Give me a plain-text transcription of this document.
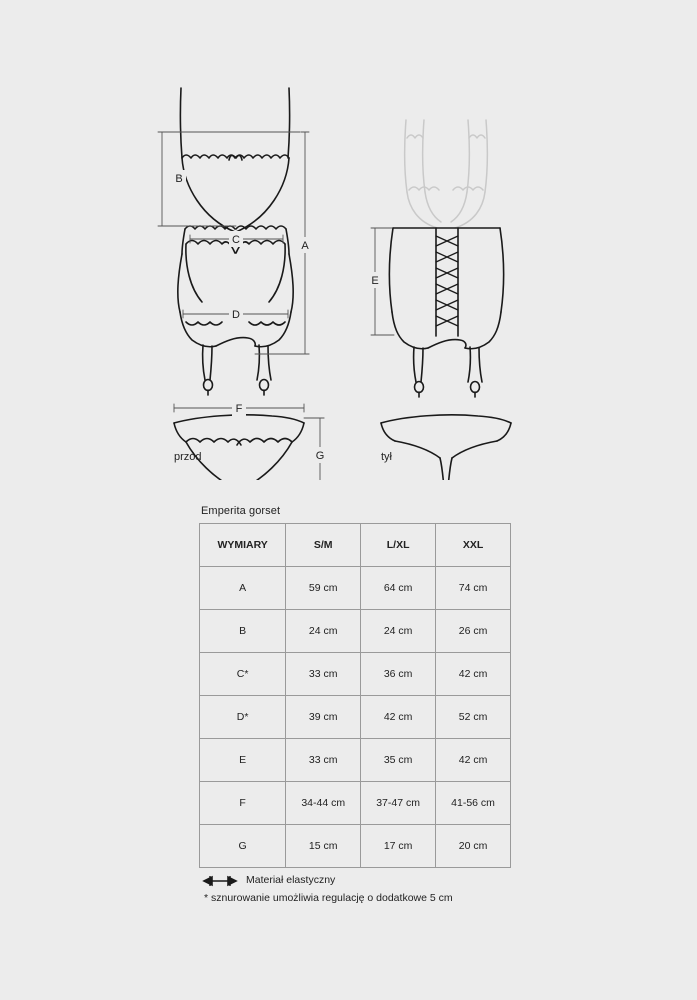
B
A
C
D
E
F
G
przód	tył
Emperita gorset
WYMIARY	S/M	L/XL	XXL
A	59 cm	64 cm	74 cm
B	24 cm	24 cm	26 cm
C*	33 cm	36 cm	42 cm
D*	39 cm	42 cm	52 cm
E	33 cm	35 cm	42 cm
F	34-44 cm	37-47 cm	41-56 cm
G	15 cm	17 cm	20 cm
Materiał elastyczny
* sznurowanie umożliwia regulację o dodatkowe 5 cm
